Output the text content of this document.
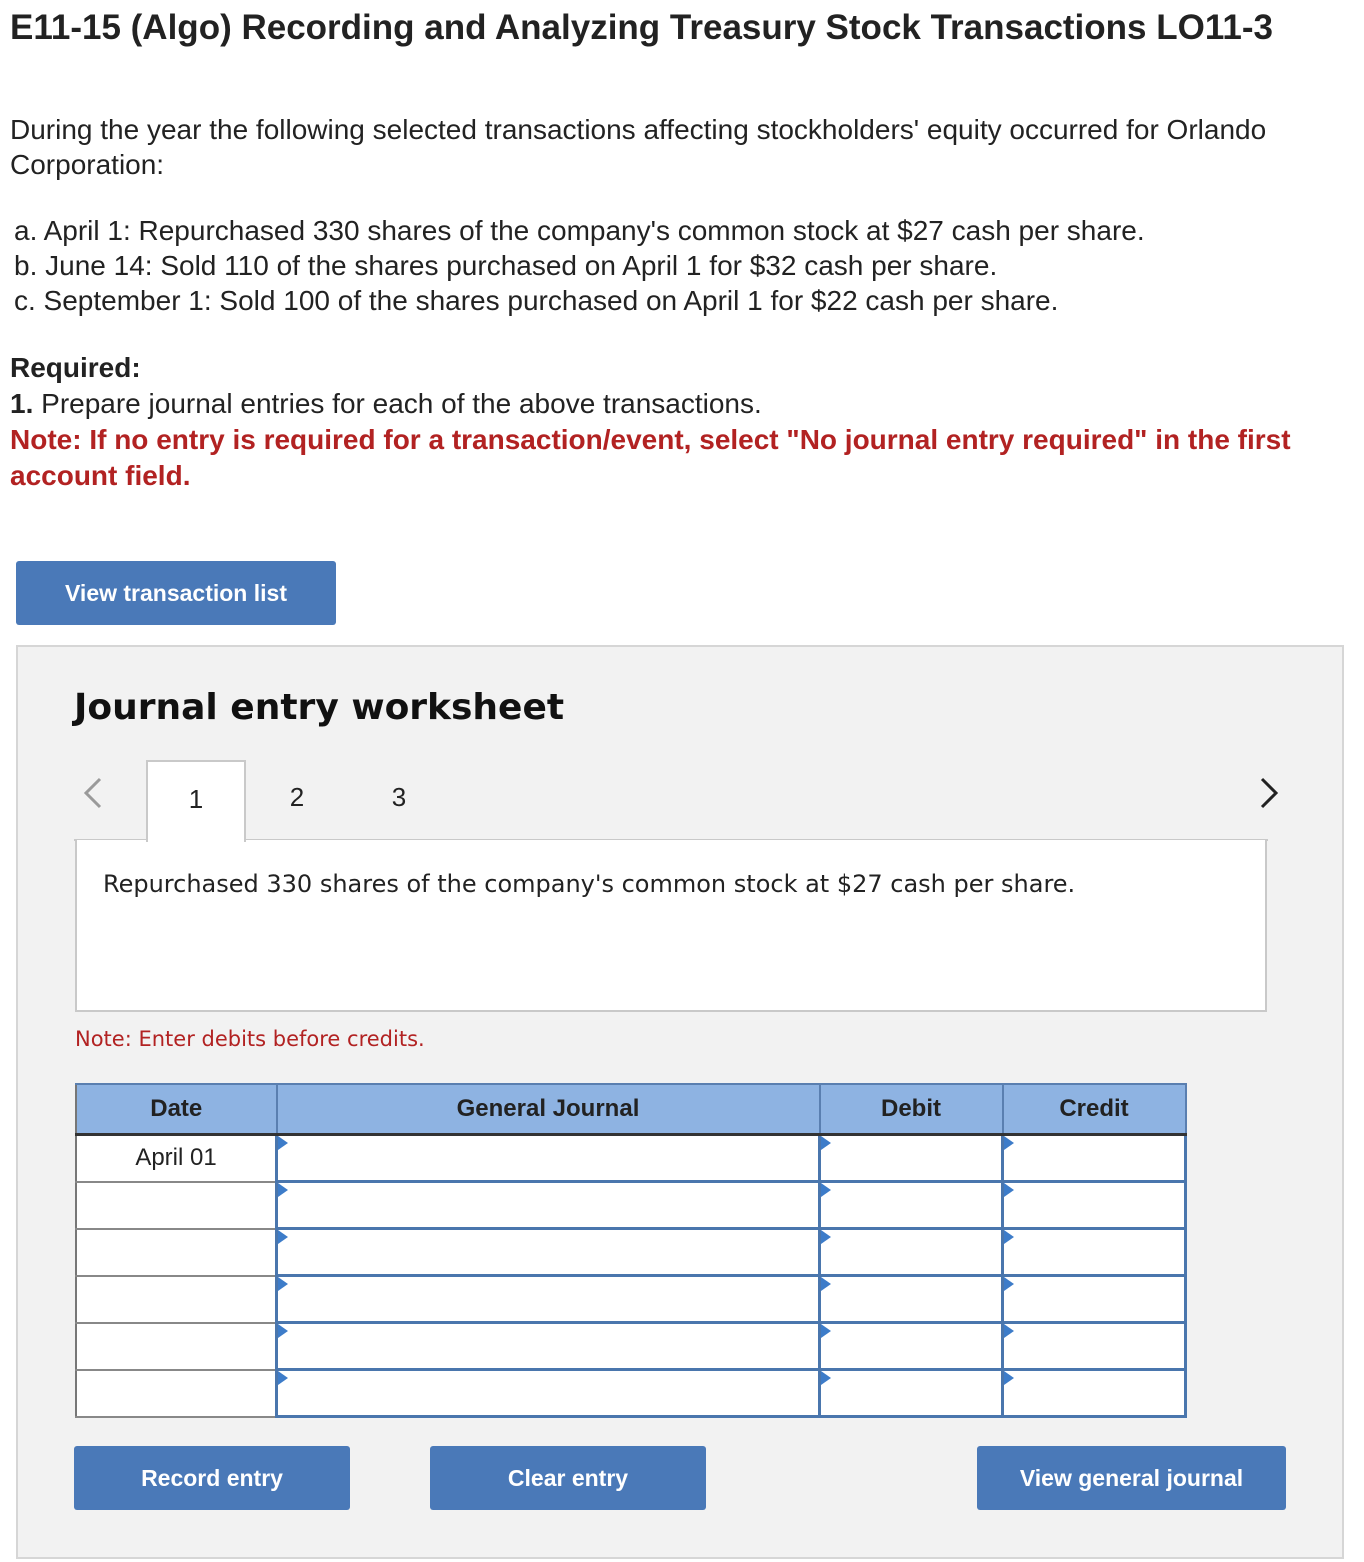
E11-15 (Algo) Recording and Analyzing Treasury Stock Transactions LO11-3
During the year the following selected transactions affecting stockholders' equity occurred for Orlando Corporation:
a. April 1: Repurchased 330 shares of the company's common stock at $27 cash per share.
b. June 14: Sold 110 of the shares purchased on April 1 for $32 cash per share.
c. September 1: Sold 100 of the shares purchased on April 1 for $22 cash per share.
Required:
1. Prepare journal entries for each of the above transactions.
Note: If no entry is required for a transaction/event, select "No journal entry required" in the first account field.
View transaction list
Journal entry worksheet
1	2	3
Repurchased 330 shares of the company's common stock at $27 cash per share.
Note: Enter debits before credits.
Date	General Journal	Debit	Credit
April 01	

Record entry	Clear entry	View general journal
